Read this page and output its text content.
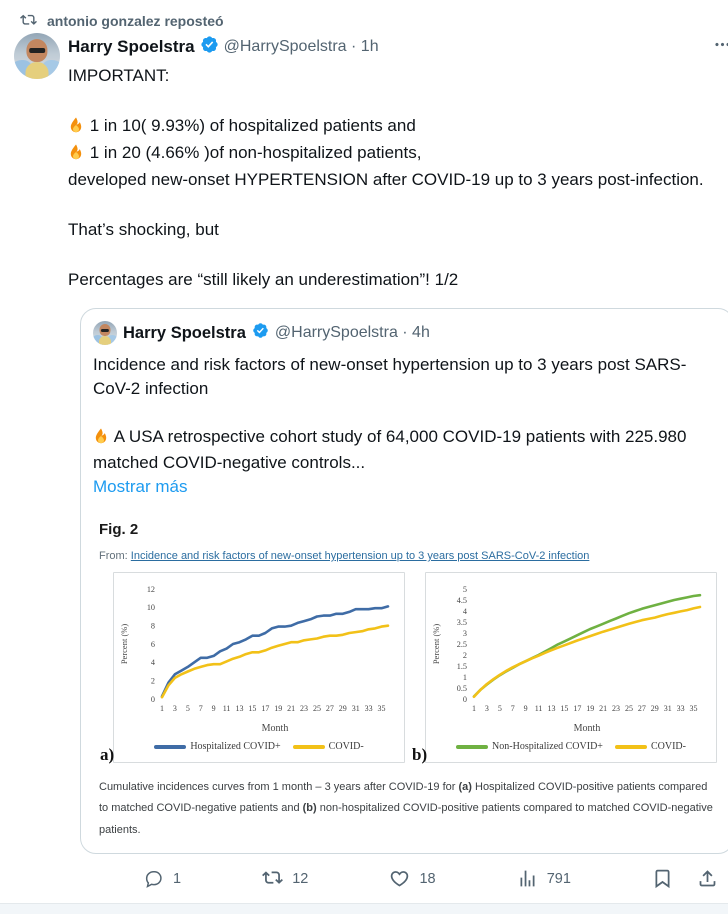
antonio gonzalez reposteó
Harry Spoelstra @HarrySpoelstra · 1h

IMPORTANT:

1 in 10( 9.93%) of hospitalized patients and

1 in 20 (4.66% )of non-hospitalized patients,

developed new-onset HYPERTENSION after COVID-19 up to 3 years post-infection.

That’s shocking, but

Percentages are “still likely an underestimation”! 1/2

Harry Spoelstra @HarrySpoelstra · 4h

Incidence and risk factors of new-onset hypertension up to 3 years post SARS-CoV-2 infection

A USA retrospective cohort study of 64,000 COVID-19 patients with 225.980 matched COVID-negative controls...

Mostrar más
Fig. 2
From: Incidence and risk factors of new-onset hypertension up to 3 years post SARS-CoV-2 infection
0
2
4
6
8
10
12
Percent (%)
1 3 5 7 9 11 13 15 17 19 21 23 25 27 29 31 33 35
Month
Hospitalized COVID+	COVID-
a)
0
0.5
1
1.5
2
2.5
3
3.5
4
4.5
5
Percent (%)
1 3 5 7 9 11 13 15 17 19 21 23 25 27 29 31 33 35
Month
Non-Hospitalized COVID+	COVID-
b)
Cumulative incidences curves from 1 month – 3 years after COVID-19 for (a) Hospitalized COVID-positive patients compared to matched COVID-negative patients and (b) non-hospitalized COVID-positive patients compared to matched COVID-negative patients.
1	12	18	791
